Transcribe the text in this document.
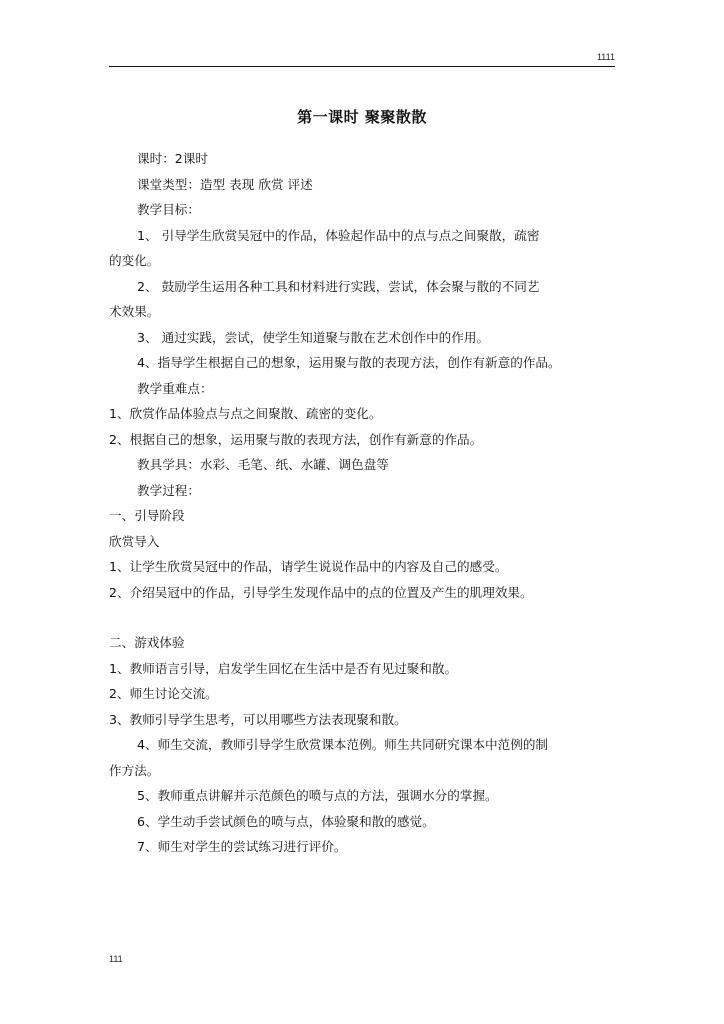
1111
第一课时 聚聚散散
课时：2课时
课堂类型：造型 表现 欣赏 评述
教学目标：
1、 引导学生欣赏吴冠中的作品，体验起作品中的点与点之间聚散，疏密
的变化。
2、 鼓励学生运用各种工具和材料进行实践，尝试，体会聚与散的不同艺
术效果。
3、 通过实践，尝试，使学生知道聚与散在艺术创作中的作用。
4、指导学生根据自己的想象，运用聚与散的表现方法，创作有新意的作品。
教学重难点：
1、欣赏作品体验点与点之间聚散、疏密的变化。
2、根据自己的想象，运用聚与散的表现方法，创作有新意的作品。
教具学具：水彩、毛笔、纸、水罐、调色盘等
教学过程：
一、引导阶段
欣赏导入
1、让学生欣赏吴冠中的作品，请学生说说作品中的内容及自己的感受。
2、介绍吴冠中的作品，引导学生发现作品中的点的位置及产生的肌理效果。
二、游戏体验
1、教师语言引导，启发学生回忆在生活中是否有见过聚和散。
2、师生讨论交流。
3、教师引导学生思考，可以用哪些方法表现聚和散。
4、师生交流，教师引导学生欣赏课本范例。师生共同研究课本中范例的制
作方法。
5、教师重点讲解并示范颜色的喷与点的方法，强调水分的掌握。
6、学生动手尝试颜色的喷与点，体验聚和散的感觉。
7、师生对学生的尝试练习进行评价。
111
